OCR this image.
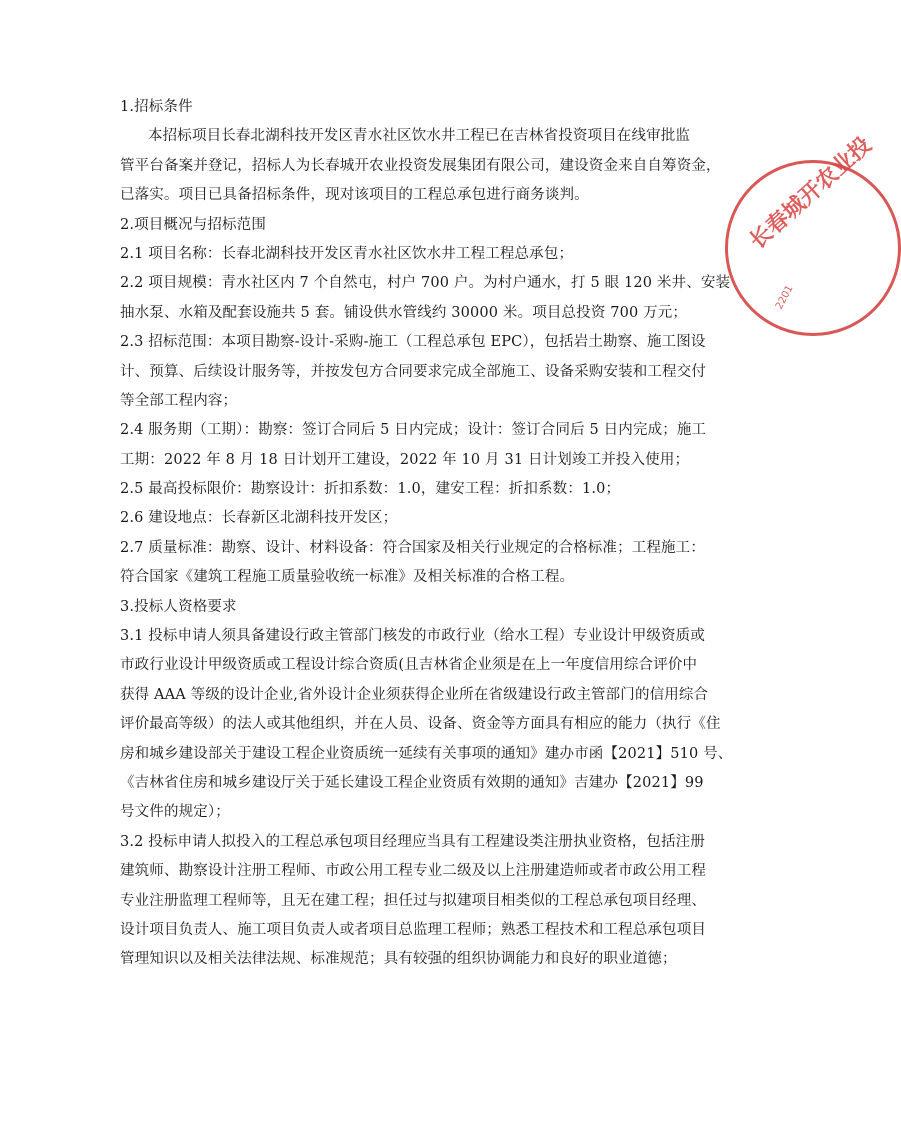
1.招标条件
本招标项目长春北湖科技开发区青水社区饮水井工程已在吉林省投资项目在线审批监
管平台备案并登记，招标人为长春城开农业投资发展集团有限公司，建设资金来自自筹资金，
已落实。项目已具备招标条件，现对该项目的工程总承包进行商务谈判。
2.项目概况与招标范围
2.1 项目名称：长春北湖科技开发区青水社区饮水井工程工程总承包；
2.2 项目规模：青水社区内 7 个自然屯，村户 700 户。为村户通水，打 5 眼 120 米井、安装
抽水泵、水箱及配套设施共 5 套。铺设供水管线约 30000 米。项目总投资 700 万元；
2.3 招标范围：本项目勘察-设计-采购-施工（工程总承包 EPC），包括岩土勘察、施工图设
计、预算、后续设计服务等，并按发包方合同要求完成全部施工、设备采购安装和工程交付
等全部工程内容；
2.4 服务期（工期）：勘察：签订合同后 5 日内完成；设计：签订合同后 5 日内完成；施工
工期：2022 年 8 月 18 日计划开工建设，2022 年 10 月 31 日计划竣工并投入使用；
2.5 最高投标限价：勘察设计：折扣系数：1.0，建安工程：折扣系数：1.0；
2.6 建设地点：长春新区北湖科技开发区；
2.7 质量标准：勘察、设计、材料设备：符合国家及相关行业规定的合格标准；工程施工：
符合国家《建筑工程施工质量验收统一标准》及相关标准的合格工程。
3.投标人资格要求
3.1 投标申请人须具备建设行政主管部门核发的市政行业（给水工程）专业设计甲级资质或
市政行业设计甲级资质或工程设计综合资质(且吉林省企业须是在上一年度信用综合评价中
获得 AAA 等级的设计企业,省外设计企业须获得企业所在省级建设行政主管部门的信用综合
评价最高等级）的法人或其他组织，并在人员、设备、资金等方面具有相应的能力（执行《住
房和城乡建设部关于建设工程企业资质统一延续有关事项的通知》建办市函【2021】510 号、
《吉林省住房和城乡建设厅关于延长建设工程企业资质有效期的通知》吉建办【2021】99
号文件的规定）；
3.2 投标申请人拟投入的工程总承包项目经理应当具有工程建设类注册执业资格，包括注册
建筑师、勘察设计注册工程师、市政公用工程专业二级及以上注册建造师或者市政公用工程
专业注册监理工程师等，且无在建工程；担任过与拟建项目相类似的工程总承包项目经理、
设计项目负责人、施工项目负责人或者项目总监理工程师；熟悉工程技术和工程总承包项目
管理知识以及相关法律法规、标准规范；具有较强的组织协调能力和良好的职业道德；
长春城开农业投
2201
